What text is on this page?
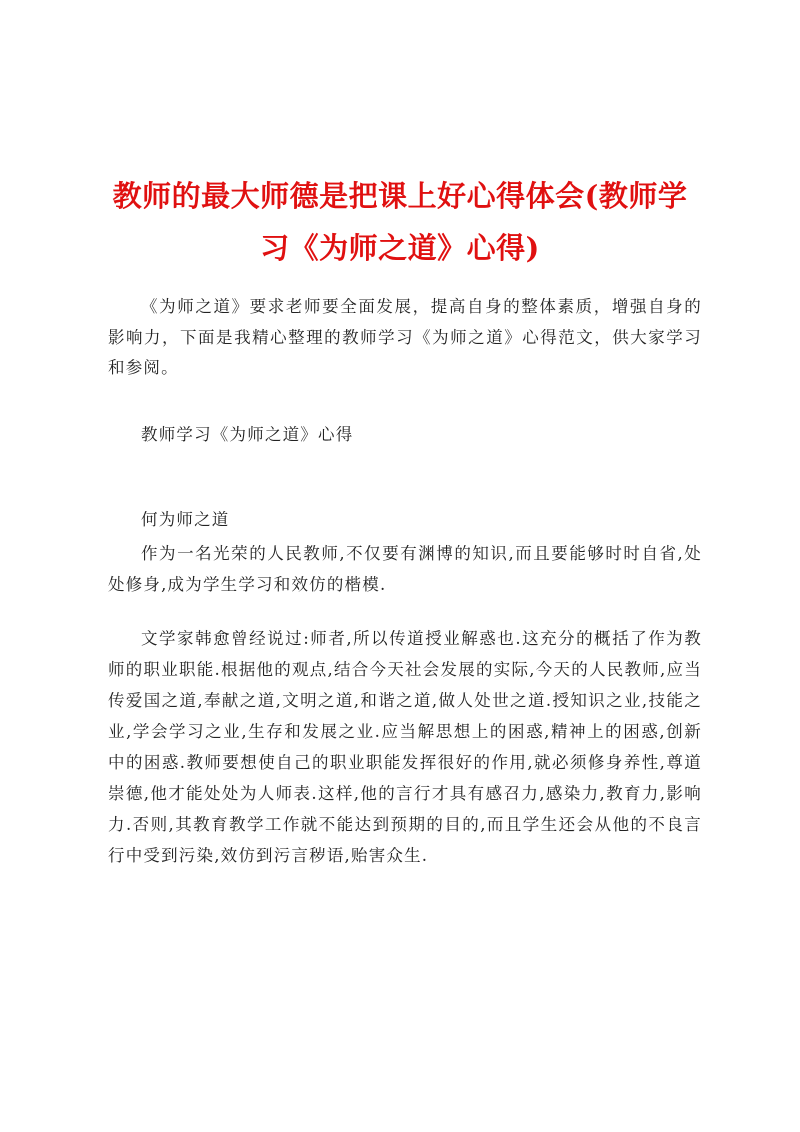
教师的最大师德是把课上好心得体会(教师学习《为师之道》心得)

《为师之道》要求老师要全面发展，提高自身的整体素质，增强自身的影响力，下面是我精心整理的教师学习《为师之道》心得范文，供大家学习和参阅。

教师学习《为师之道》心得

何为师之道

作为一名光荣的人民教师,不仅要有渊博的知识,而且要能够时时自省,处处修身,成为学生学习和效仿的楷模.

文学家韩愈曾经说过:师者,所以传道授业解惑也.这充分的概括了作为教师的职业职能.根据他的观点,结合今天社会发展的实际,今天的人民教师,应当传爱国之道,奉献之道,文明之道,和谐之道,做人处世之道.授知识之业,技能之业,学会学习之业,生存和发展之业.应当解思想上的困惑,精神上的困惑,创新中的困惑.教师要想使自己的职业职能发挥很好的作用,就必须修身养性,尊道崇德,他才能处处为人师表.这样,他的言行才具有感召力,感染力,教育力,影响力.否则,其教育教学工作就不能达到预期的目的,而且学生还会从他的不良言行中受到污染,效仿到污言秽语,贻害众生.
